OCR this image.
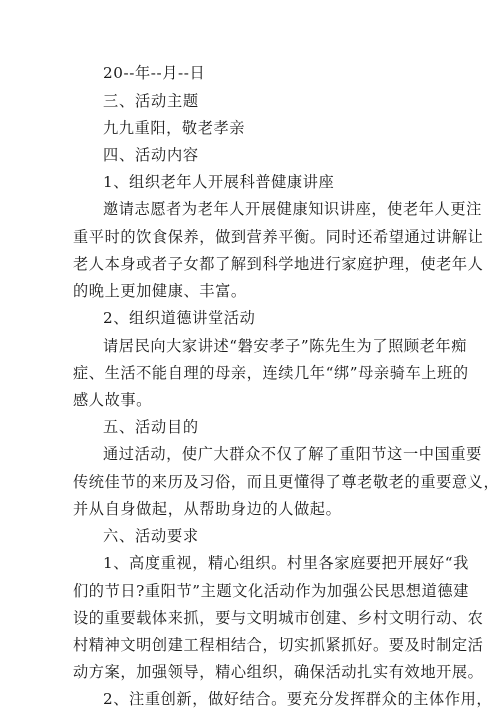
20--年--月--日
三、活动主题
九九重阳，敬老孝亲
四、活动内容
1、组织老年人开展科普健康讲座
邀请志愿者为老年人开展健康知识讲座，使老年人更注
重平时的饮食保养，做到营养平衡。同时还希望通过讲解让
老人本身或者子女都了解到科学地进行家庭护理，使老年人
的晚上更加健康、丰富。
2、组织道德讲堂活动
请居民向大家讲述“磐安孝子”陈先生为了照顾老年痴
症、生活不能自理的母亲，连续几年“绑”母亲骑车上班的
感人故事。
五、活动目的
通过活动，使广大群众不仅了解了重阳节这一中国重要
传统佳节的来历及习俗，而且更懂得了尊老敬老的重要意义，
并从自身做起，从帮助身边的人做起。
六、活动要求
1、高度重视，精心组织。村里各家庭要把开展好“我
们的节日?重阳节”主题文化活动作为加强公民思想道德建
设的重要载体来抓，要与文明城市创建、乡村文明行动、农
村精神文明创建工程相结合，切实抓紧抓好。要及时制定活
动方案，加强领导，精心组织，确保活动扎实有效地开展。
2、注重创新，做好结合。要充分发挥群众的主体作用，
